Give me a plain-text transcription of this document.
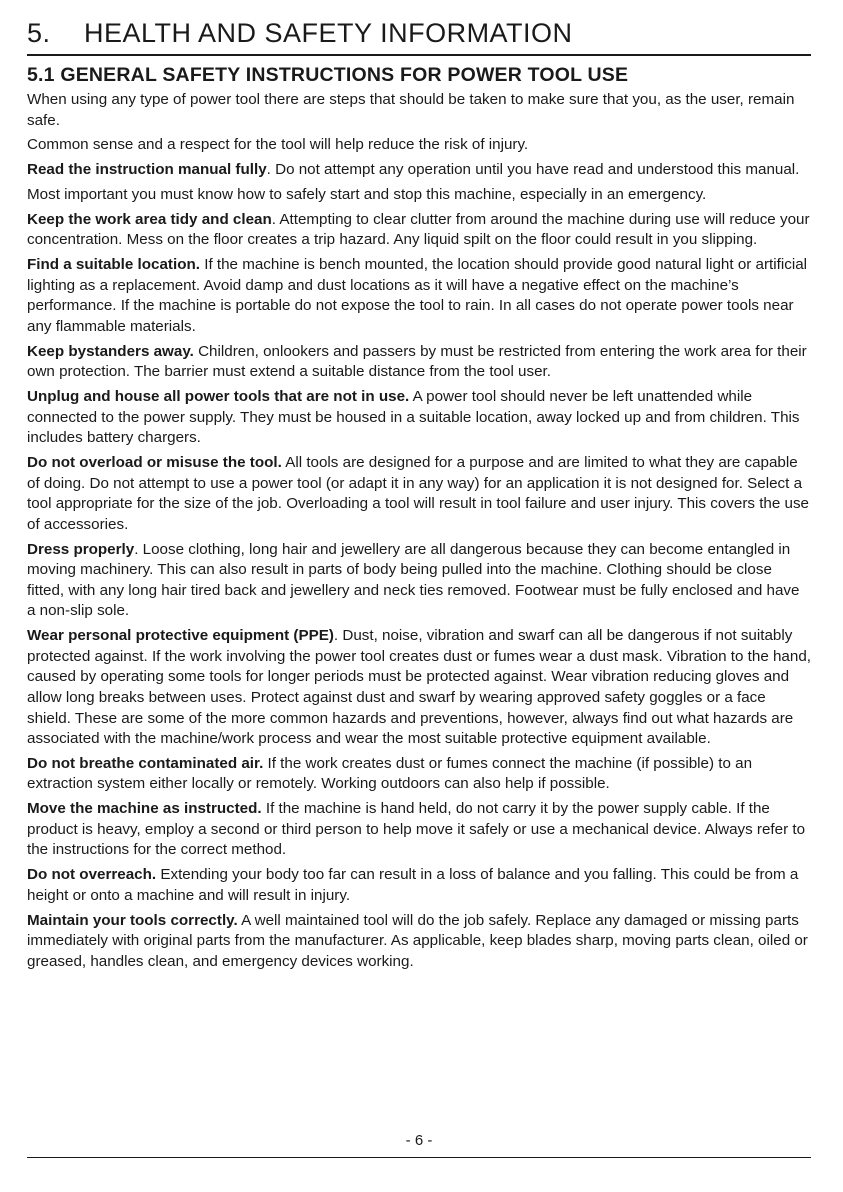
5. HEALTH AND SAFETY INFORMATION
5.1 GENERAL SAFETY INSTRUCTIONS FOR POWER TOOL USE

When using any type of power tool there are steps that should be taken to make sure that you, as the user, remain safe.

Common sense and a respect for the tool will help reduce the risk of injury.

Read the instruction manual fully. Do not attempt any operation until you have read and understood this manual.

Most important you must know how to safely start and stop this machine, especially in an emergency.

Keep the work area tidy and clean. Attempting to clear clutter from around the machine during use will reduce your concentration. Mess on the floor creates a trip hazard. Any liquid spilt on the floor could result in you slipping.

Find a suitable location. If the machine is bench mounted, the location should provide good natural light or artificial lighting as a replacement. Avoid damp and dust locations as it will have a negative effect on the machine’s performance. If the machine is portable do not expose the tool to rain. In all cases do not operate power tools near any flammable materials.

Keep bystanders away. Children, onlookers and passers by must be restricted from entering the work area for their own protection. The barrier must extend a suitable distance from the tool user.

Unplug and house all power tools that are not in use. A power tool should never be left unattended while connected to the power supply. They must be housed in a suitable location, away locked up and from children. This includes battery chargers.

Do not overload or misuse the tool. All tools are designed for a purpose and are limited to what they are capable of doing. Do not attempt to use a power tool (or adapt it in any way) for an application it is not designed for. Select a tool appropriate for the size of the job. Overloading a tool will result in tool failure and user injury. This covers the use of accessories.

Dress properly. Loose clothing, long hair and jewellery are all dangerous because they can become entangled in moving machinery. This can also result in parts of body being pulled into the machine. Clothing should be close fitted, with any long hair tired back and jewellery and neck ties removed. Footwear must be fully enclosed and have a non-slip sole.

Wear personal protective equipment (PPE). Dust, noise, vibration and swarf can all be dangerous if not suitably protected against. If the work involving the power tool creates dust or fumes wear a dust mask. Vibration to the hand, caused by operating some tools for longer periods must be protected against. Wear vibration reducing gloves and allow long breaks between uses. Protect against dust and swarf by wearing approved safety goggles or a face shield. These are some of the more common hazards and preventions, however, always find out what hazards are associated with the machine/work process and wear the most suitable protective equipment available.

Do not breathe contaminated air. If the work creates dust or fumes connect the machine (if possible) to an extraction system either locally or remotely. Working outdoors can also help if possible.

Move the machine as instructed. If the machine is hand held, do not carry it by the power supply cable. If the product is heavy, employ a second or third person to help move it safely or use a mechanical device. Always refer to the instructions for the correct method.

Do not overreach. Extending your body too far can result in a loss of balance and you falling. This could be from a height or onto a machine and will result in injury.

Maintain your tools correctly. A well maintained tool will do the job safely. Replace any damaged or missing parts immediately with original parts from the manufacturer. As applicable, keep blades sharp, moving parts clean, oiled or greased, handles clean, and emergency devices working.

- 6 -
